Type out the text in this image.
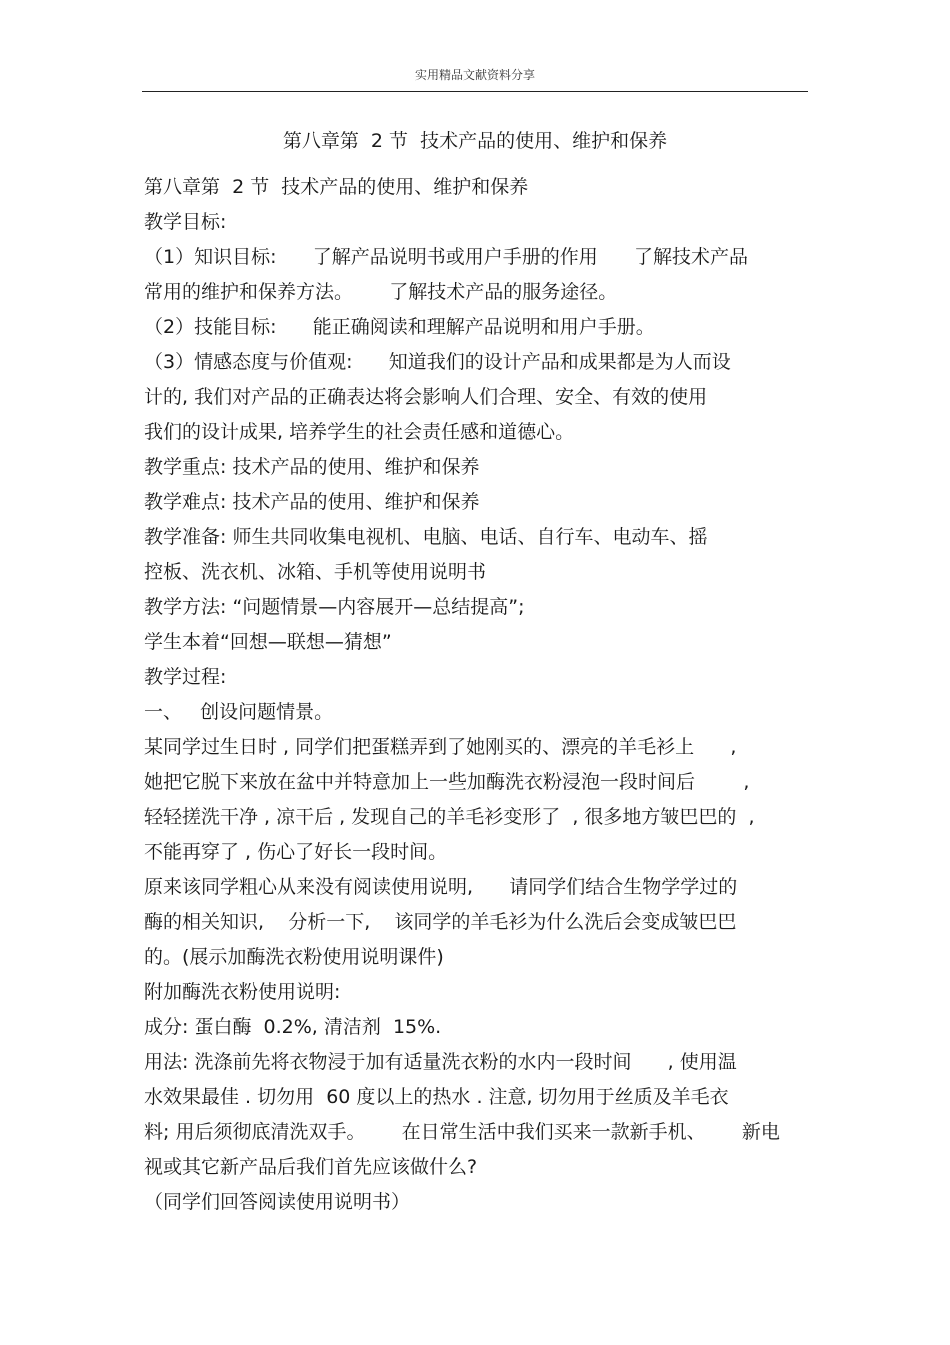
实用精品文献资料分享
第八章第  2 节  技术产品的使用、维护和保养
第八章第  2 节  技术产品的使用、维护和保养
教学目标:
（1）知识目标:      了解产品说明书或用户手册的作用      了解技术产品
常用的维护和保养方法。      了解技术产品的服务途径。
（2）技能目标:      能正确阅读和理解产品说明和用户手册。
（3）情感态度与价值观:      知道我们的设计产品和成果都是为人而设
计的, 我们对产品的正确表达将会影响人们合理、安全、有效的使用
我们的设计成果, 培养学生的社会责任感和道德心。
教学重点: 技术产品的使用、维护和保养
教学难点: 技术产品的使用、维护和保养
教学准备: 师生共同收集电视机、电脑、电话、自行车、电动车、摇
控板、洗衣机、冰箱、手机等使用说明书
教学方法: “问题情景—内容展开—总结提高”;
学生本着“回想—联想—猜想”
教学过程:
一、   创设问题情景。
某同学过生日时 , 同学们把蛋糕弄到了她刚买的、漂亮的羊毛衫上      ,
她把它脱下来放在盆中并特意加上一些加酶洗衣粉浸泡一段时间后        ,
轻轻搓洗干净 , 凉干后 , 发现自己的羊毛衫变形了  , 很多地方皱巴巴的  ,
不能再穿了 , 伤心了好长一段时间。
原来该同学粗心从来没有阅读使用说明,      请同学们结合生物学学过的
酶的相关知识,    分析一下,    该同学的羊毛衫为什么洗后会变成皱巴巴
的。(展示加酶洗衣粉使用说明课件)
附加酶洗衣粉使用说明:
成分: 蛋白酶  0.2%, 清洁剂  15%.
用法: 洗涤前先将衣物浸于加有适量洗衣粉的水内一段时间      , 使用温
水效果最佳 . 切勿用  60 度以上的热水 . 注意, 切勿用于丝质及羊毛衣
料; 用后须彻底清洗双手。      在日常生活中我们买来一款新手机、      新电
视或其它新产品后我们首先应该做什么?
（同学们回答阅读使用说明书）
